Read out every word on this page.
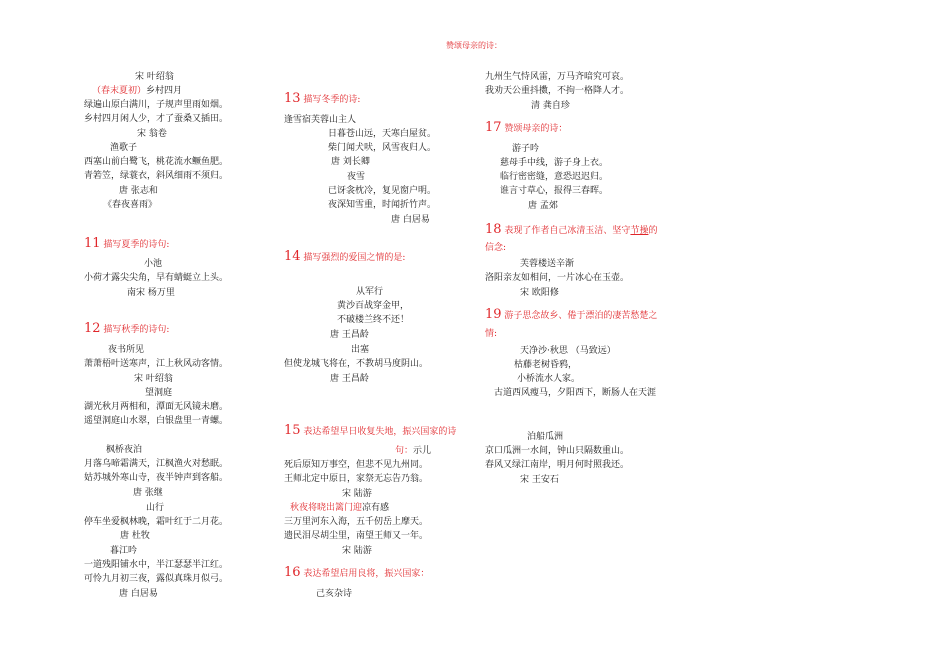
赞颂母亲的诗：
宋 叶绍翁
（春末夏初）乡村四月
绿遍山原白满川，子规声里雨如烟。
乡村四月闲人少，才了蚕桑又插田。
宋 翁卷
渔歌子
西塞山前白鹭飞，桃花流水鳜鱼肥。
青箬笠，绿蓑衣，斜风细雨不须归。
唐 张志和
《春夜喜雨》
11 描写夏季的诗句:
小池
小荷才露尖尖角，早有蜻蜓立上头。
南宋 杨万里
12 描写秋季的诗句:
夜书所见
萧萧梧叶送寒声，江上秋风动客情。
宋 叶绍翁
望洞庭
湖光秋月两相和，潭面无风镜未磨。
遥望洞庭山水翠，白银盘里一青螺。
枫桥夜泊
月落乌啼霜满天，江枫渔火对愁眠。
姑苏城外寒山寺，夜半钟声到客船。
唐 张继
山行
停车坐爱枫林晚，霜叶红于二月花。
唐 杜牧
暮江吟
一道残阳铺水中，半江瑟瑟半江红。
可怜九月初三夜，露似真珠月似弓。
唐 白居易
13 描写冬季的诗:
逢雪宿芙蓉山主人
日暮苍山远，天寒白屋贫。
柴门闻犬吠，风雪夜归人。
唐 刘长卿
夜雪
已讶衾枕冷，复见窗户明。
夜深知雪重，时闻折竹声。
唐 白居易
14 描写强烈的爱国之情的是:
从军行
黄沙百战穿金甲，
不破楼兰终不还！
唐 王昌龄
出塞
但使龙城飞将在，不教胡马度阴山。
唐 王昌龄
15 表达希望早日收复失地，振兴国家的诗
句：示儿
死后原知万事空，但悲不见九州同。
王师北定中原日，家祭无忘告乃翁。
宋 陆游
秋夜将晓出篱门迎凉有感
三万里河东入海，五千仞岳上摩天。
遗民泪尽胡尘里，南望王师又一年。
宋 陆游
16 表达希望启用良将，振兴国家：
己亥杂诗
九州生气恃风雷，万马齐喑究可哀。
我劝天公重抖擞，不拘一格降人才。
清 龚自珍
17 赞颂母亲的诗：
游子吟
慈母手中线，游子身上衣。
临行密密缝，意恐迟迟归。
谁言寸草心，报得三春晖。
唐 孟郊
18 表现了作者自己冰清玉洁、坚守节操的
信念:
芙蓉楼送辛渐
洛阳亲友如相问，一片冰心在玉壶。
宋 欧阳修
19 游子思念故乡、倦于漂泊的凄苦愁楚之
情:
天净沙·秋思 （马致远）
枯藤老树昏鸦，
小桥流水人家。
古道西风瘦马，夕阳西下，断肠人在天涯
泊船瓜洲
京口瓜洲一水间，钟山只隔数重山。
春风又绿江南岸，明月何时照我还。
宋 王安石
